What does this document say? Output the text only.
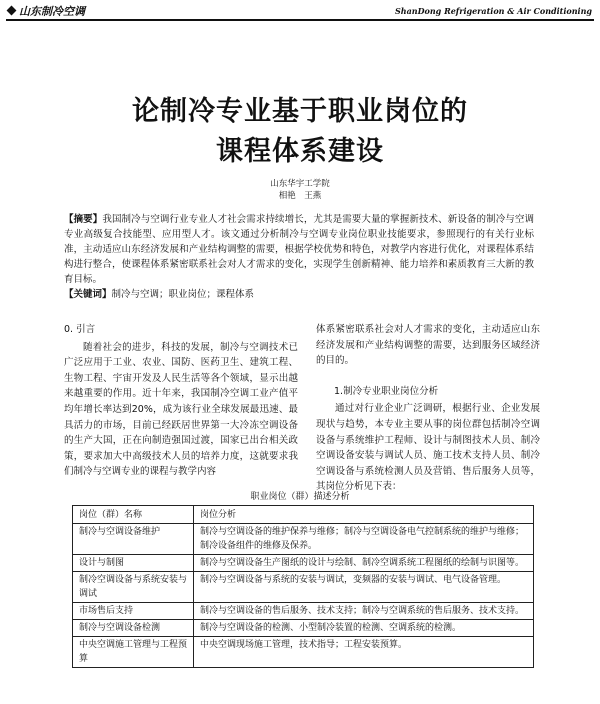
山东制冷空调	ShanDong Refrigeration & Air Conditioning
论制冷专业基于职业岗位的
课程体系建设
山东华宇工学院
相艳　王燕
【摘要】我国制冷与空调行业专业人才社会需求持续增长，尤其是需要大量的掌握新技术、新设备的制冷与空调专业高级复合技能型、应用型人才。该文通过分析制冷与空调专业岗位职业技能要求，参照现行的有关行业标准，主动适应山东经济发展和产业结构调整的需要，根据学校优势和特色，对教学内容进行优化，对课程体系结构进行整合，使课程体系紧密联系社会对人才需求的变化，实现学生创新精神、能力培养和素质教育三大新的教育目标。
【关键词】制冷与空调；职业岗位；课程体系

0. 引言

随着社会的进步，科技的发展，制冷与空调技术已广泛应用于工业、农业、国防、医药卫生、建筑工程、生物工程、宇宙开发及人民生活等各个领域，显示出越来越重要的作用。近十年来，我国制冷空调工业产值平均年增长率达到20%，成为该行业全球发展最迅速、最具活力的市场，目前已经跃居世界第一大冷冻空调设备的生产大国，正在向制造强国过渡，国家已出台相关政策，要求加大中高级技术人员的培养力度，这就要求我们制冷与空调专业的课程与教学内容

体系紧密联系社会对人才需求的变化，主动适应山东经济发展和产业结构调整的需要，达到服务区域经济的目的。

1.制冷专业职业岗位分析

通过对行业企业广泛调研，根据行业、企业发展现状与趋势，本专业主要从事的岗位群包括制冷空调设备与系统维护工程师、设计与制图技术人员、制冷空调设备安装与调试人员、施工技术支持人员、制冷空调设备与系统检测人员及营销、售后服务人员等，其岗位分析见下表：

职业岗位（群）描述分析
岗位（群）名称	岗位分析
制冷与空调设备维护	制冷与空调设备的维护保养与维修；制冷与空调设备电气控制系统的维护与维修；制冷设备组件的维修及保养。
设计与制图	制冷与空调设备生产图纸的设计与绘制、制冷空调系统工程图纸的绘制与识图等。
制冷空调设备与系统安装与调试	制冷与空调设备与系统的安装与调试，变频器的安装与调试、电气设备管理。
市场售后支持	制冷与空调设备的售后服务、技术支持；制冷与空调系统的售后服务、技术支持。
制冷与空调设备检测	制冷与空调设备的检测、小型制冷装置的检测、空调系统的检测。
中央空调施工管理与工程预算	中央空调现场施工管理，技术指导；工程安装预算。
